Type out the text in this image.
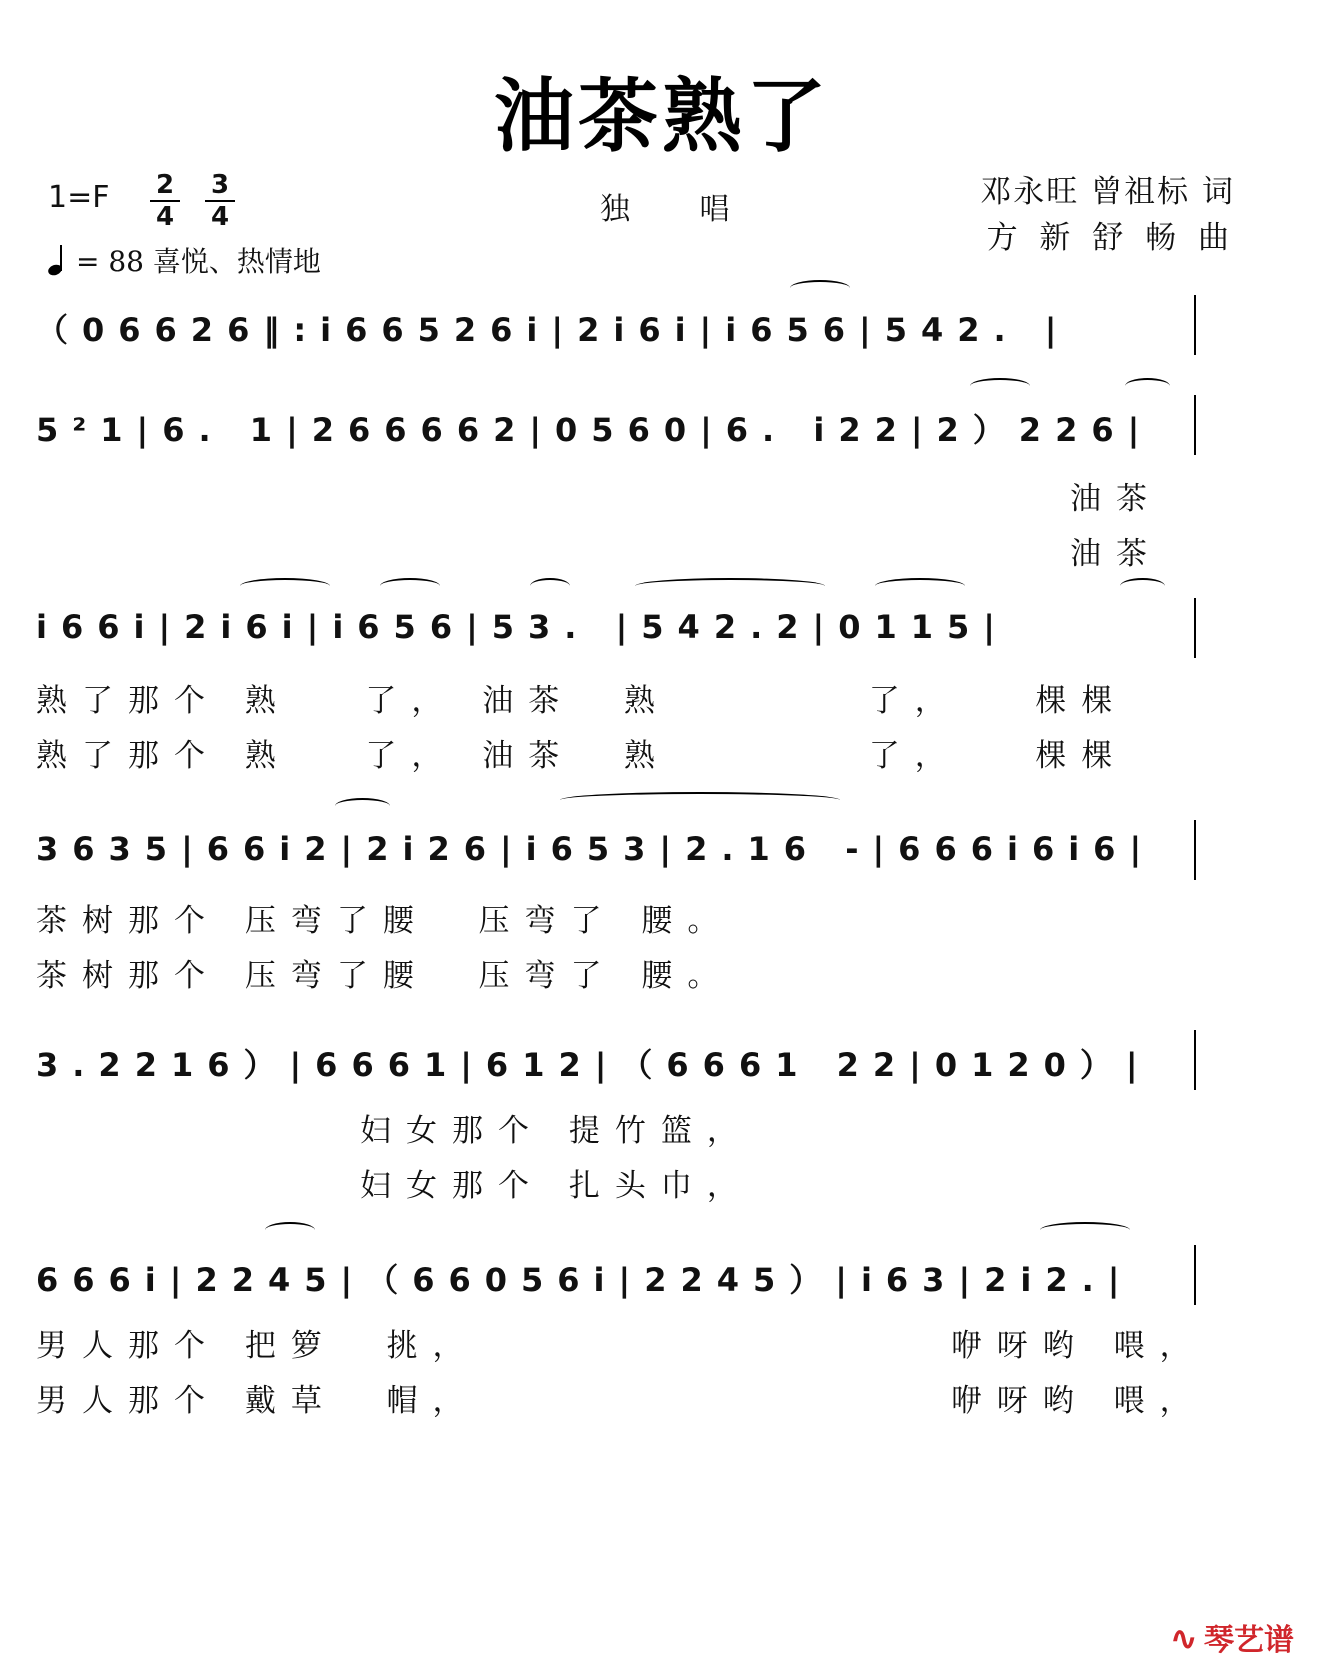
油茶熟了
1=F 2
4
3
4
= 88 喜悦、热情地
独 唱	邓永旺 曾祖标 词
方 新 舒 畅 曲
（06626‖:i66526i|2i6i|i656|542. |
5²1|6. 1|266662|0560|6. i22|2）226|
油茶
油茶
i66i|2i6i|i656|53. |542.2|0115|
熟了那个 熟   了， 油茶  熟        了，   棵棵
熟了那个 熟   了， 油茶  熟        了，   棵棵
3635|66i2|2i26|i653|2.16 -|666i6i6|
茶树那个 压弯了腰  压弯了 腰。
茶树那个 压弯了腰  压弯了 腰。
3.2216）|6661|612|（6661 22|0120）|
妇女那个 提竹篮，
妇女那个 扎头巾，
666i|2245|（66056i|2245）|i63|2i2.|
男人那个 把箩  挑，                   咿呀哟 喂，
男人那个 戴草  帽，                   咿呀哟 喂，
∿ 琴艺谱
